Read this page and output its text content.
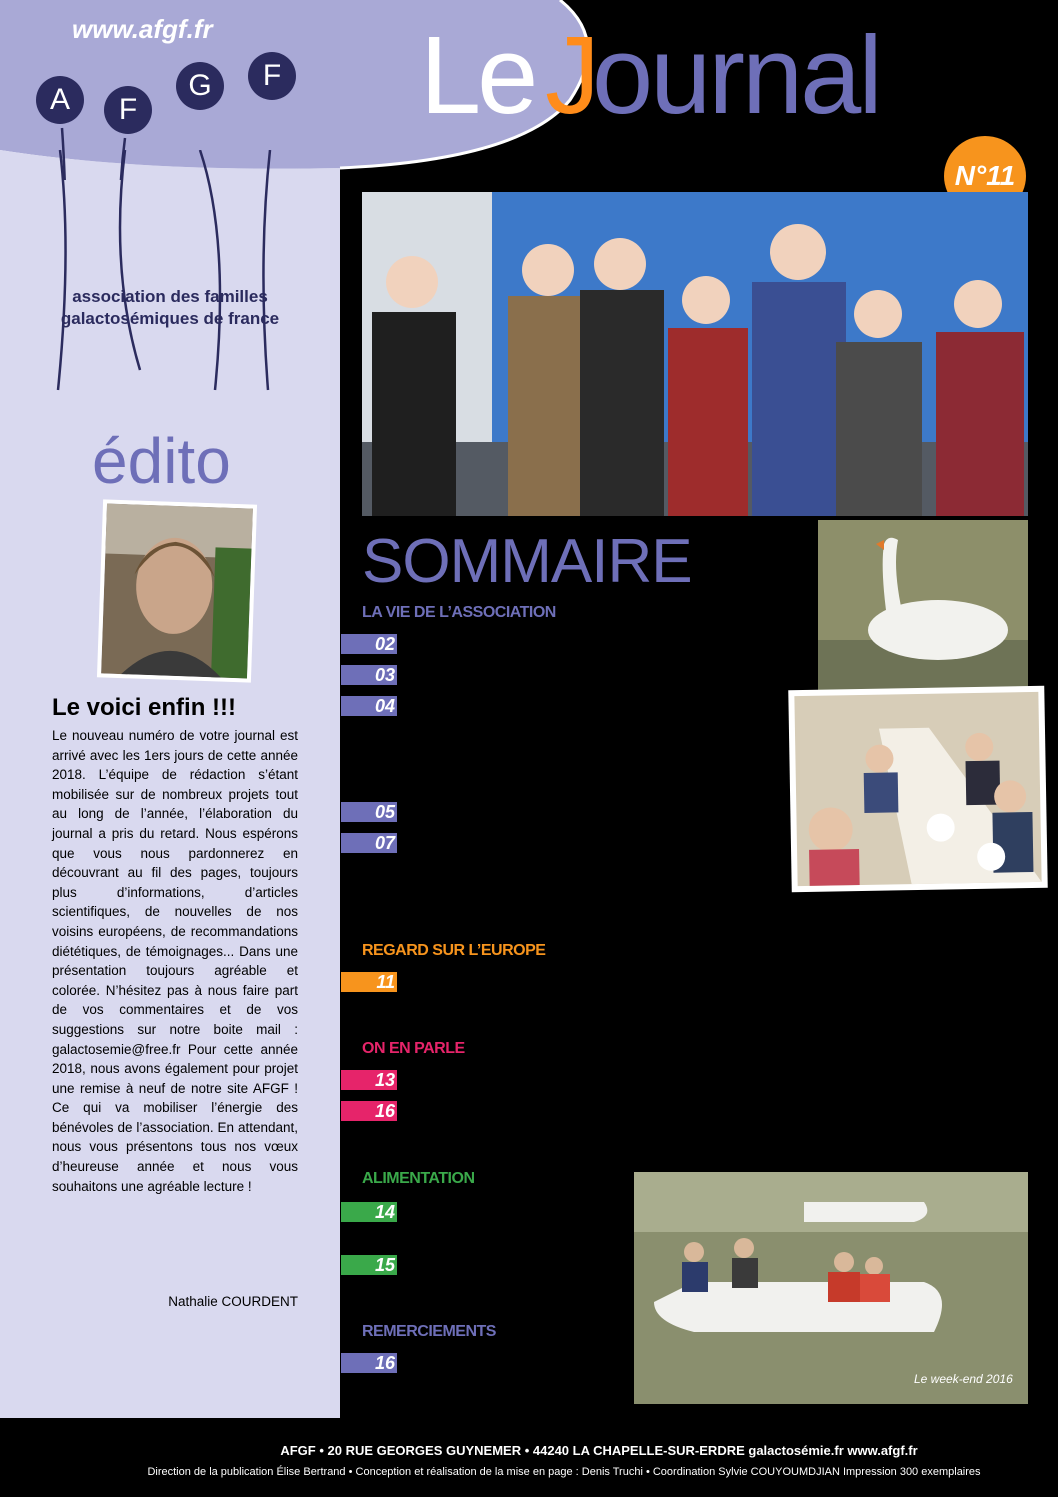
A	F
G	F
www.afgf.fr Le J
ournal
N°11
association des familles
galactosémiques de france
édito
Le voici enfin !!!
Le nouveau numéro de votre journal est arrivé avec les 1ers jours de cette année 2018. L’équipe de rédaction s’étant mobilisée sur de nombreux projets tout au long de l’année, l’élaboration du journal a pris du retard. Nous espérons que vous nous pardonnerez en découvrant au fil des pages, toujours plus d’informations, d’articles scientifiques, de nouvelles de nos voisins européens, de recommandations diététiques, de témoignages... Dans une présentation toujours agréable et colorée. N’hésitez pas à nous faire part de vos commentaires et de vos suggestions sur notre boite mail : galactosemie@free.fr Pour cette année 2018, nous avons également pour projet une remise à neuf de notre site AFGF ! Ce qui va mobiliser l’énergie des bénévoles de l’association. En attendant, nous vous présentons tous nos vœux d’heureuse année et nous vous souhaitons une agréable lecture !
Nathalie COURDENT
SOMMAIRE
LA VIE DE L’ASSOCIATION
02
03
04
05
07
REGARD SUR L’EUROPE
11
ON EN PARLE
13
16
ALIMENTATION
14
15
REMERCIEMENTS
16
Le week-end 2016
AFGF • 20 RUE GEORGES GUYNEMER • 44240 LA CHAPELLE-SUR-ERDRE galactosémie.fr www.afgf.fr
Direction de la publication Élise Bertrand • Conception et réalisation de la mise en page : Denis Truchi • Coordination Sylvie COUYOUMDJIAN Impression 300 exemplaires
